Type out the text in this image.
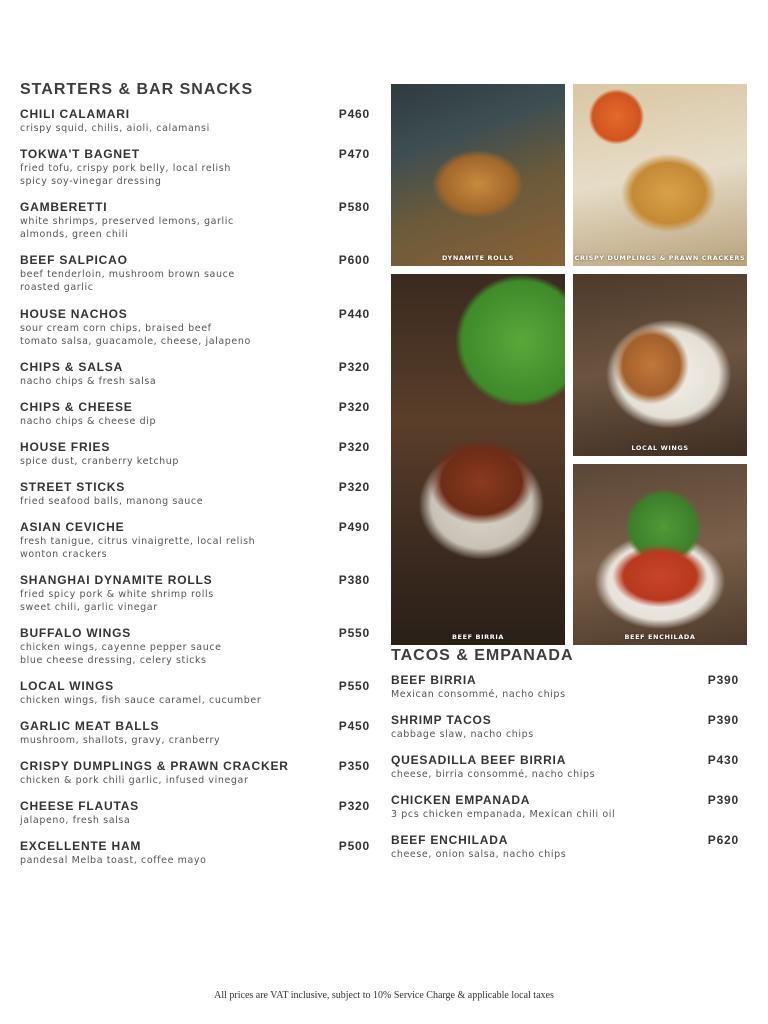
STARTERS & BAR SNACKS
CHILI CALAMARI	P460
crispy squid, chilis, aioli, calamansi
TOKWA'T BAGNET	P470
fried tofu, crispy pork belly, local relish
spicy soy-vinegar dressing
GAMBERETTI	P580
white shrimps, preserved lemons, garlic
almonds, green chili
BEEF SALPICAO	P600
beef tenderloin, mushroom brown sauce
roasted garlic
HOUSE NACHOS	P440
sour cream corn chips, braised beef
tomato salsa, guacamole, cheese, jalapeno
CHIPS & SALSA	P320
nacho chips & fresh salsa
CHIPS & CHEESE	P320
nacho chips & cheese dip
HOUSE FRIES	P320
spice dust, cranberry ketchup
STREET STICKS	P320
fried seafood balls, manong sauce
ASIAN CEVICHE	P490
fresh tanigue, citrus vinaigrette, local relish
wonton crackers
SHANGHAI DYNAMITE ROLLS	P380
fried spicy pork & white shrimp rolls
sweet chili, garlic vinegar
BUFFALO WINGS	P550
chicken wings, cayenne pepper sauce
blue cheese dressing, celery sticks
LOCAL WINGS	P550
chicken wings, fish sauce caramel, cucumber
GARLIC MEAT BALLS	P450
mushroom, shallots, gravy, cranberry
CRISPY DUMPLINGS & PRAWN CRACKER	P350
chicken & pork chili garlic, infused vinegar
CHEESE FLAUTAS	P320
jalapeno, fresh salsa
EXCELLENTE HAM	P500
pandesal Melba toast, coffee mayo
DYNAMITE ROLLS	CRISPY DUMPLINGS & PRAWN CRACKERS
BEEF BIRRIA
LOCAL WINGS
BEEF ENCHILADA
TACOS & EMPANADA
BEEF BIRRIA	P390
Mexican consommé, nacho chips
SHRIMP TACOS	P390
cabbage slaw, nacho chips
QUESADILLA BEEF BIRRIA	P430
cheese, birria consommé, nacho chips
CHICKEN EMPANADA	P390
3 pcs chicken empanada, Mexican chili oil
BEEF ENCHILADA	P620
cheese, onion salsa, nacho chips
All prices are VAT inclusive, subject to 10% Service Charge & applicable local taxes
